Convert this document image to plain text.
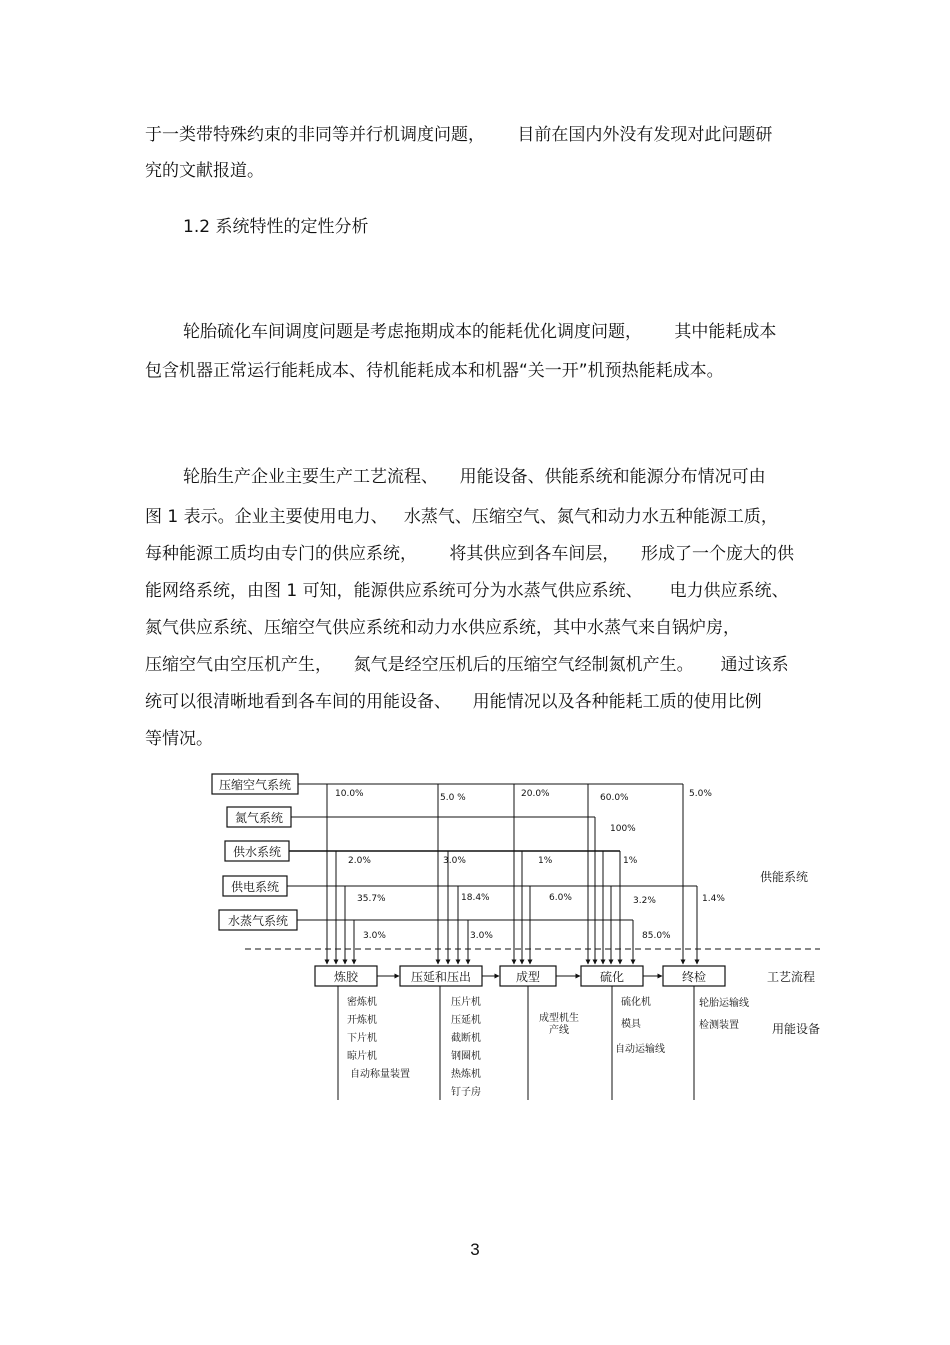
于一类带特殊约束的非同等并行机调度问题，      目前在国内外没有发现对此问题研
究的文献报道。
1.2 系统特性的定性分析
轮胎硫化车间调度问题是考虑拖期成本的能耗优化调度问题，      其中能耗成本
包含机器正常运行能耗成本、待机能耗成本和机器“关一开”机预热能耗成本。
轮胎生产企业主要生产工艺流程、    用能设备、供能系统和能源分布情况可由
图 1 表示。企业主要使用电力、   水蒸气、压缩空气、氮气和动力水五种能源工质，
每种能源工质均由专门的供应系统，      将其供应到各车间层，    形成了一个庞大的供
能网络系统，由图 1 可知，能源供应系统可分为水蒸气供应系统、     电力供应系统、
氮气供应系统、压缩空气供应系统和动力水供应系统，其中水蒸气来自锅炉房，
压缩空气由空压机产生，    氮气是经空压机后的压缩空气经制氮机产生。     通过该系
统可以很清晰地看到各车间的用能设备、    用能情况以及各种能耗工质的使用比例
等情况。
压缩空气系统
氮气系统
供水系统
供电系统
水蒸气系统
10.0%	5.0 %	20.0%	60.0%	5.0%
100%
2.0%	3.0%	1%	1%
35.7%	18.4%	6.0%	3.2%	1.4%
3.0%	3.0%	85.0%
炼胶	压延和压出	成型	硫化	终检
供能系统
工艺流程
用能设备
密炼机
开炼机
下片机
晾片机
自动称量装置
压片机
压延机
截断机
钢圈机
热炼机
钉子房
成型机生
产线
硫化机
模具
自动运输线
轮胎运输线
检测装置
3
